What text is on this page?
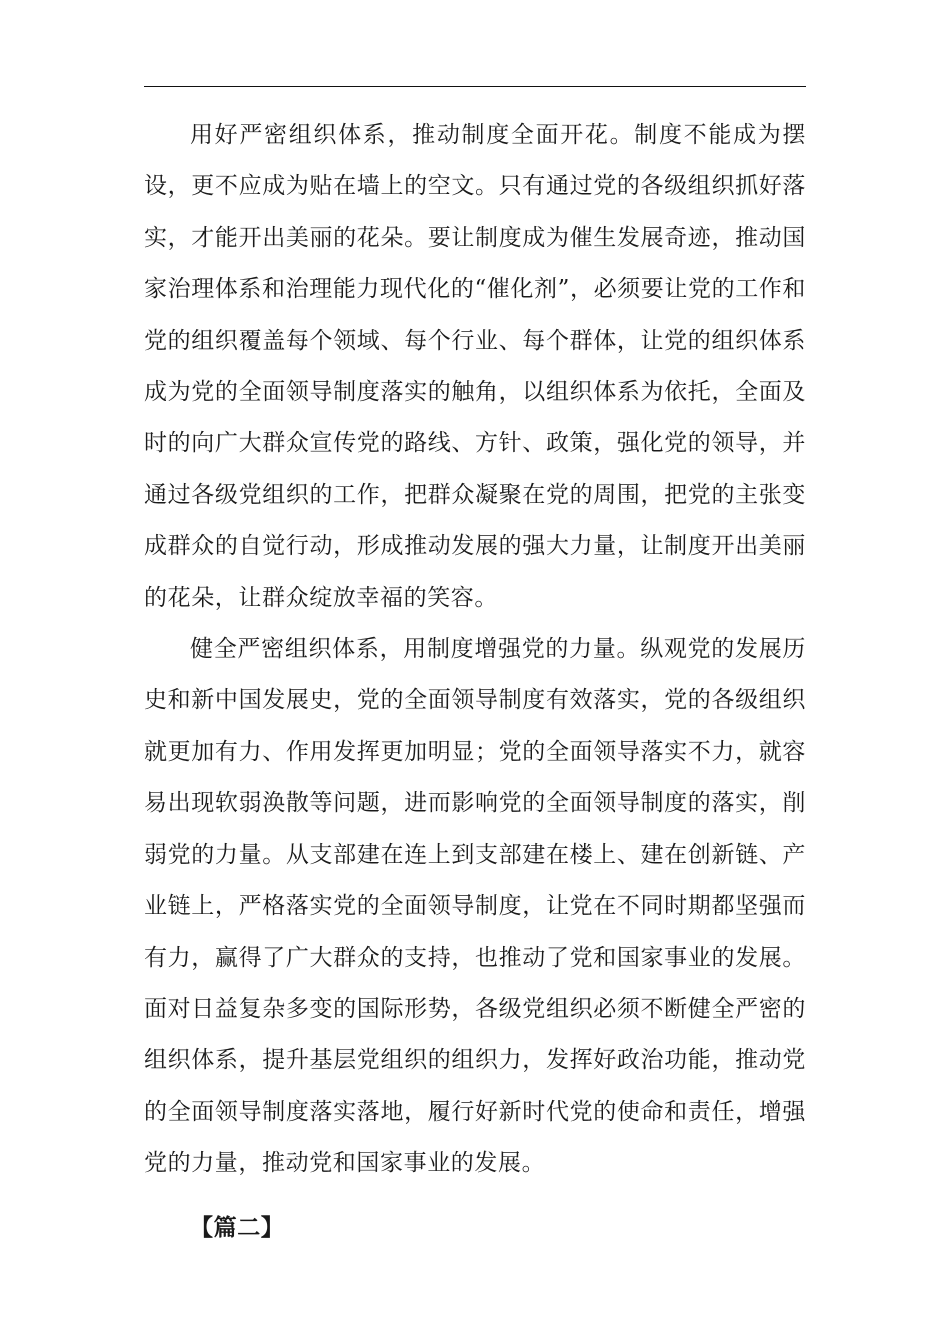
用好严密组织体系，推动制度全面开花。制度不能成为摆设，更不应成为贴在墙上的空文。只有通过党的各级组织抓好落实，才能开出美丽的花朵。要让制度成为催生发展奇迹，推动国家治理体系和治理能力现代化的“催化剂”，必须要让党的工作和党的组织覆盖每个领域、每个行业、每个群体，让党的组织体系成为党的全面领导制度落实的触角，以组织体系为依托，全面及时的向广大群众宣传党的路线、方针、政策，强化党的领导，并通过各级党组织的工作，把群众凝聚在党的周围，把党的主张变成群众的自觉行动，形成推动发展的强大力量，让制度开出美丽的花朵，让群众绽放幸福的笑容。

健全严密组织体系，用制度增强党的力量。纵观党的发展历史和新中国发展史，党的全面领导制度有效落实，党的各级组织就更加有力、作用发挥更加明显；党的全面领导落实不力，就容易出现软弱涣散等问题，进而影响党的全面领导制度的落实，削弱党的力量。从支部建在连上到支部建在楼上、建在创新链、产业链上，严格落实党的全面领导制度，让党在不同时期都坚强而有力，赢得了广大群众的支持，也推动了党和国家事业的发展。面对日益复杂多变的国际形势，各级党组织必须不断健全严密的组织体系，提升基层党组织的组织力，发挥好政治功能，推动党的全面领导制度落实落地，履行好新时代党的使命和责任，增强党的力量，推动党和国家事业的发展。

【篇二】
